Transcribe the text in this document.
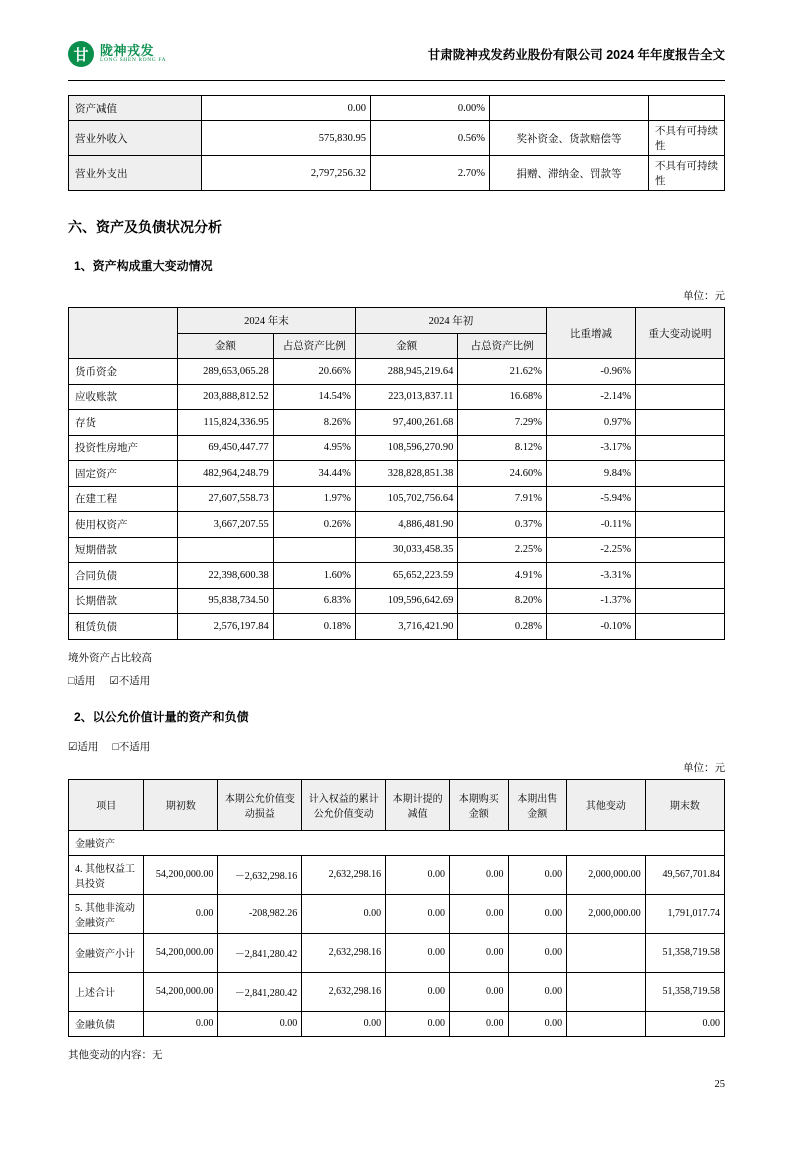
甘 陇神戎发
LONG SHEN RONG FA	甘肃陇神戎发药业股份有限公司 2024 年年度报告全文
资产减值	0.00	0.00%		
营业外收入	575,830.95	0.56%	奖补资金、货款赔偿等	不具有可持续性
营业外支出	2,797,256.32	2.70%	捐赠、滞纳金、罚款等	不具有可持续性
六、资产及负债状况分析
1、资产构成重大变动情况
单位：元
	2024 年末		2024 年初		比重增减	重大变动说明
	金额	占总资产比例	金额	占总资产比例		
货币资金	289,653,065.28	20.66%	288,945,219.64	21.62%	-0.96%	
应收账款	203,888,812.52	14.54%	223,013,837.11	16.68%	-2.14%	
存货	115,824,336.95	8.26%	97,400,261.68	7.29%	0.97%	
投资性房地产	69,450,447.77	4.95%	108,596,270.90	8.12%	-3.17%	
固定资产	482,964,248.79	34.44%	328,828,851.38	24.60%	9.84%	
在建工程	27,607,558.73	1.97%	105,702,756.64	7.91%	-5.94%	
使用权资产	3,667,207.55	0.26%	4,886,481.90	0.37%	-0.11%	
短期借款			30,033,458.35	2.25%	-2.25%	
合同负债	22,398,600.38	1.60%	65,652,223.59	4.91%	-3.31%	
长期借款	95,838,734.50	6.83%	109,596,642.69	8.20%	-1.37%	
租赁负债	2,576,197.84	0.18%	3,716,421.90	0.28%	-0.10%	
境外资产占比较高
□适用 ☑不适用
2、以公允价值计量的资产和负债
☑适用 □不适用
单位：元
项目	期初数	本期公允价值变动损益	计入权益的累计公允价值变动	本期计提的减值	本期购买金额	本期出售金额	其他变动	期末数
金融资产								
4. 其他权益工具投资	54,200,000.00	－2,632,298.16	2,632,298.16	0.00	0.00	0.00	2,000,000.00	49,567,701.84
5. 其他非流动金融资产	0.00	-208,982.26	0.00	0.00	0.00	0.00	2,000,000.00	1,791,017.74
金融资产小计	54,200,000.00	－2,841,280.42	2,632,298.16	0.00	0.00	0.00		51,358,719.58
上述合计	54,200,000.00	－2,841,280.42	2,632,298.16	0.00	0.00	0.00		51,358,719.58
金融负债	0.00	0.00	0.00	0.00	0.00	0.00		0.00
其他变动的内容：无
25
